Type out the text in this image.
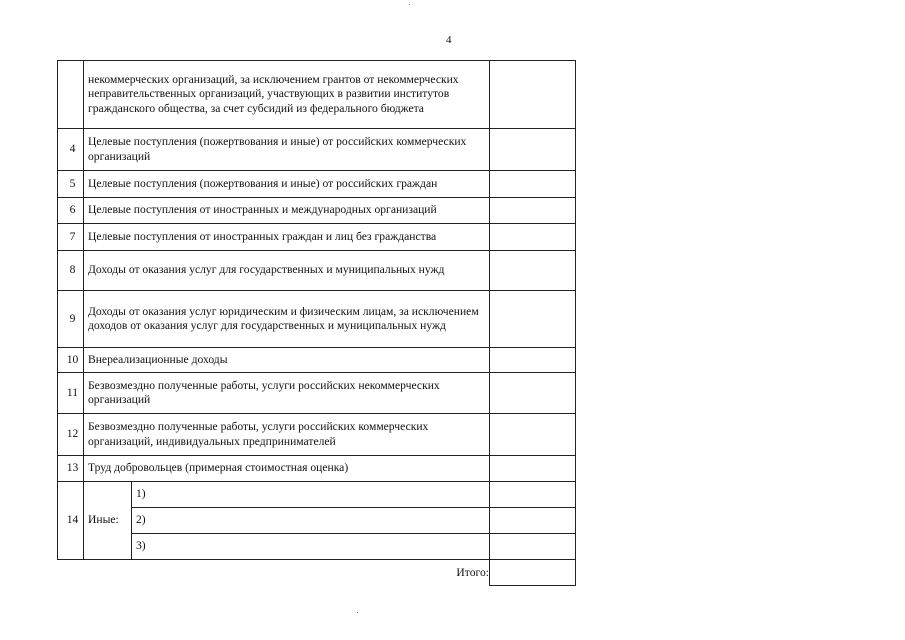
4
	некоммерческих организаций, за исключением грантов от некоммерческих неправительственных организаций, участвующих в развитии институтов гражданского общества, за счет субсидий из федерального бюджета		
4	Целевые поступления (пожертвования и иные) от российских коммерческих организаций		
5	Целевые поступления (пожертвования и иные) от российских граждан		
6	Целевые поступления от иностранных и международных организаций		
7	Целевые поступления от иностранных граждан и лиц без гражданства		
8	Доходы от оказания услуг для государственных и муниципальных нужд		
9	Доходы от оказания услуг юридическим и физическим лицам, за исключением доходов от оказания услуг для государственных и муниципальных нужд		
10	Внереализационные доходы		
11	Безвозмездно полученные работы, услуги российских некоммерческих организаций		
12	Безвозмездно полученные работы, услуги российских коммерческих организаций, индивидуальных предпринимателей		
13	Труд добровольцев (примерная стоимостная оценка)		
14	Иные:	1)	
		2)	
		3)	
Итого:			
